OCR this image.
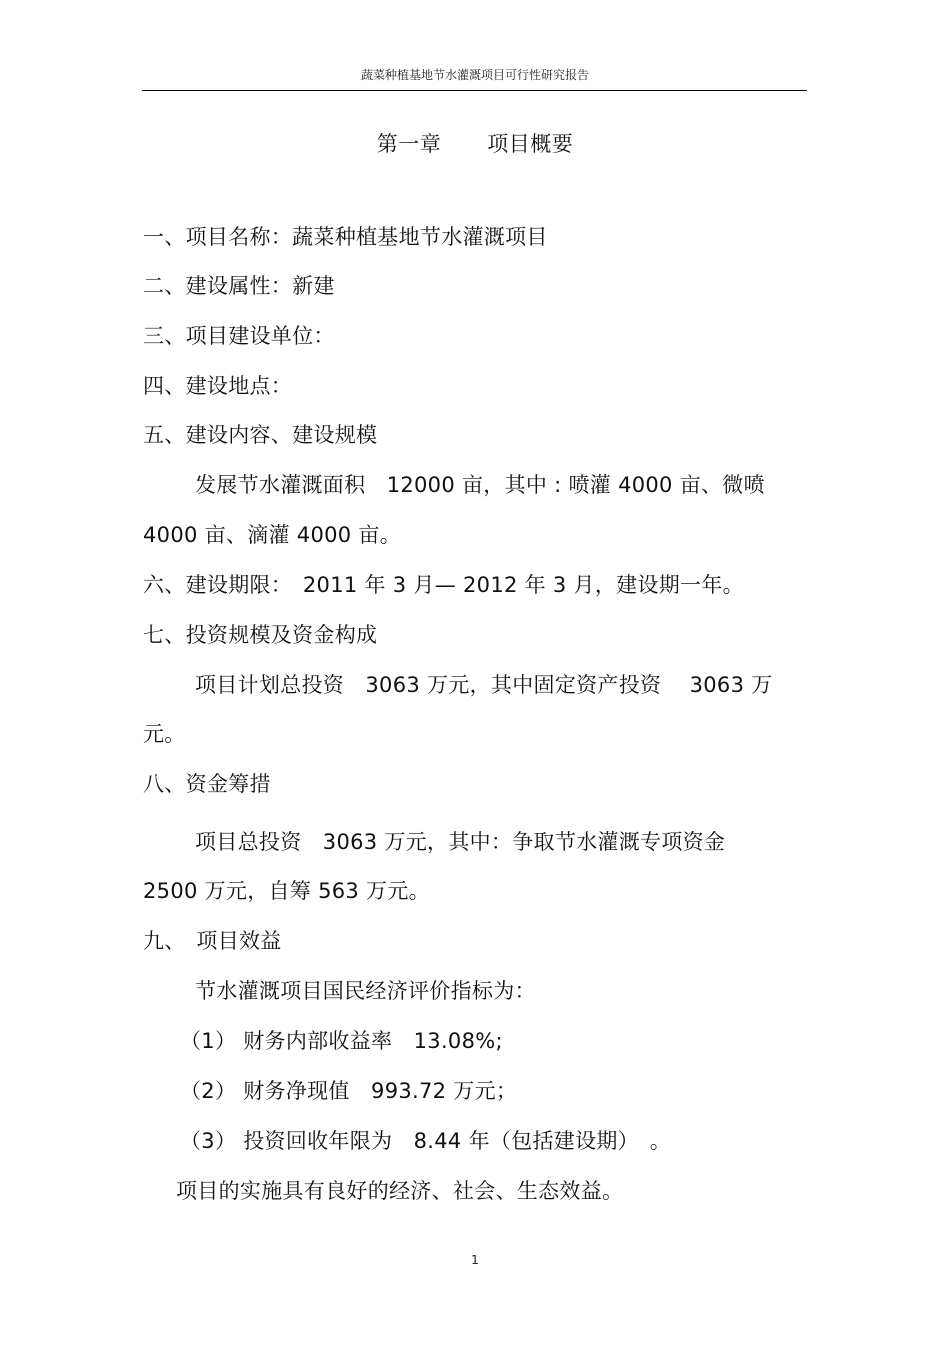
蔬菜种植基地节水灌溉项目可行性研究报告
第一章 项目概要
一、项目名称：蔬菜种植基地节水灌溉项目
二、建设属性：新建
三、项目建设单位：
四、建设地点：
五、建设内容、建设规模
发展节水灌溉面积　12000 亩，其中 : 喷灌 4000 亩、微喷
4000 亩、滴灌 4000 亩。
六、建设期限：　2011 年 3 月— 2012 年 3 月，建设期一年。
七、投资规模及资金构成
项目计划总投资　3063 万元，其中固定资产投资　 3063 万
元。
八、资金筹措
项目总投资　3063 万元，其中：争取节水灌溉专项资金
2500 万元，自筹 563 万元。
九、　项目效益
节水灌溉项目国民经济评价指标为：
（1） 财务内部收益率　13.08%;
（2） 财务净现值　993.72 万元；
（3） 投资回收年限为　8.44 年（包括建设期）　。
项目的实施具有良好的经济、社会、生态效益。
1
